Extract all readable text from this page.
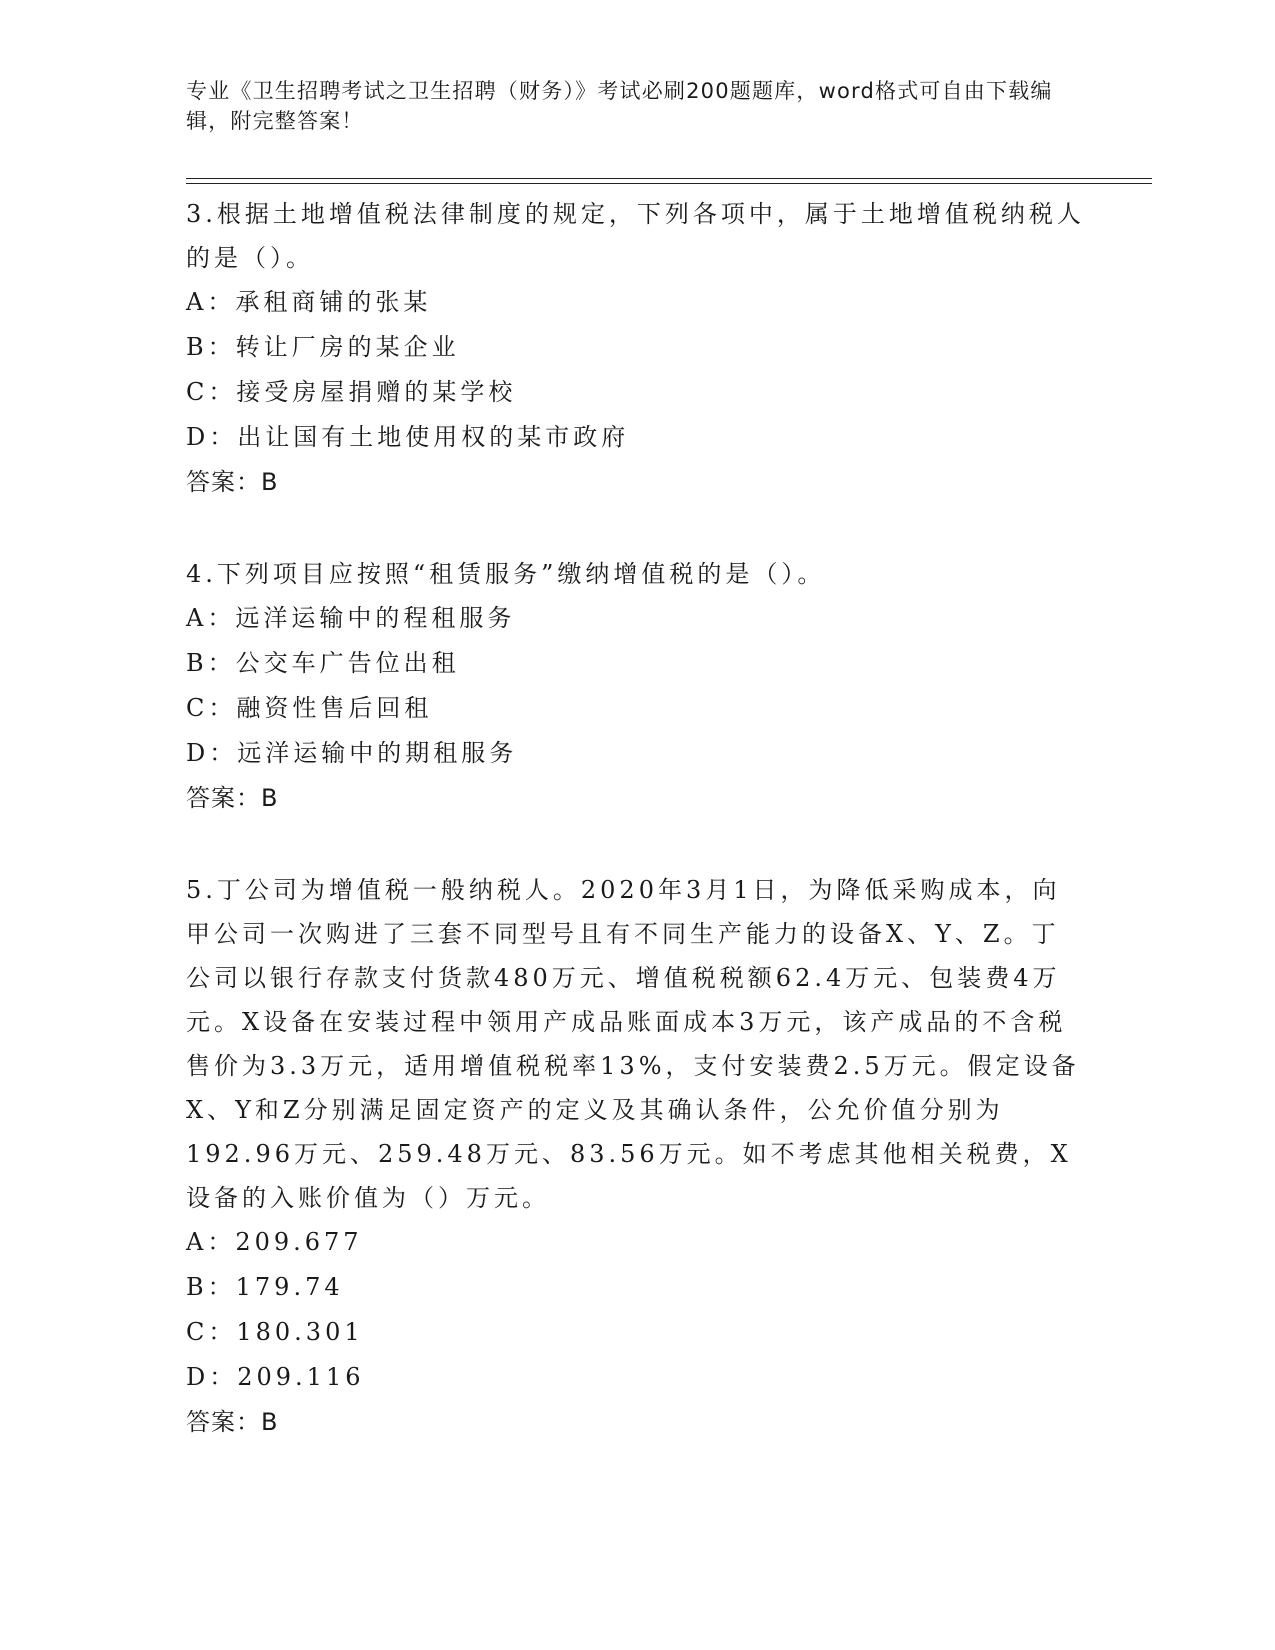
专业《卫生招聘考试之卫生招聘（财务）》考试必刷200题题库，word格式可自由下载编辑，附完整答案！

3.根据土地增值税法律制度的规定，下列各项中，属于土地增值税纳税人的是（）。

A：承租商铺的张某

B：转让厂房的某企业

C：接受房屋捐赠的某学校

D：出让国有土地使用权的某市政府

答案：B

4.下列项目应按照“租赁服务”缴纳增值税的是（）。

A：远洋运输中的程租服务

B：公交车广告位出租

C：融资性售后回租

D：远洋运输中的期租服务

答案：B

5.丁公司为增值税一般纳税人。2020年3月1日，为降低采购成本，向甲公司一次购进了三套不同型号且有不同生产能力的设备X、Y、Z。丁公司以银行存款支付货款480万元、增值税税额62.4万元、包装费4万元。X设备在安装过程中领用产成品账面成本3万元，该产成品的不含税售价为3.3万元，适用增值税税率13%，支付安装费2.5万元。假定设备X、Y和Z分别满足固定资产的定义及其确认条件，公允价值分别为192.96万元、259.48万元、83.56万元。如不考虑其他相关税费，X设备的入账价值为（）万元。

A：209.677

B：179.74

C：180.301

D：209.116

答案：B
